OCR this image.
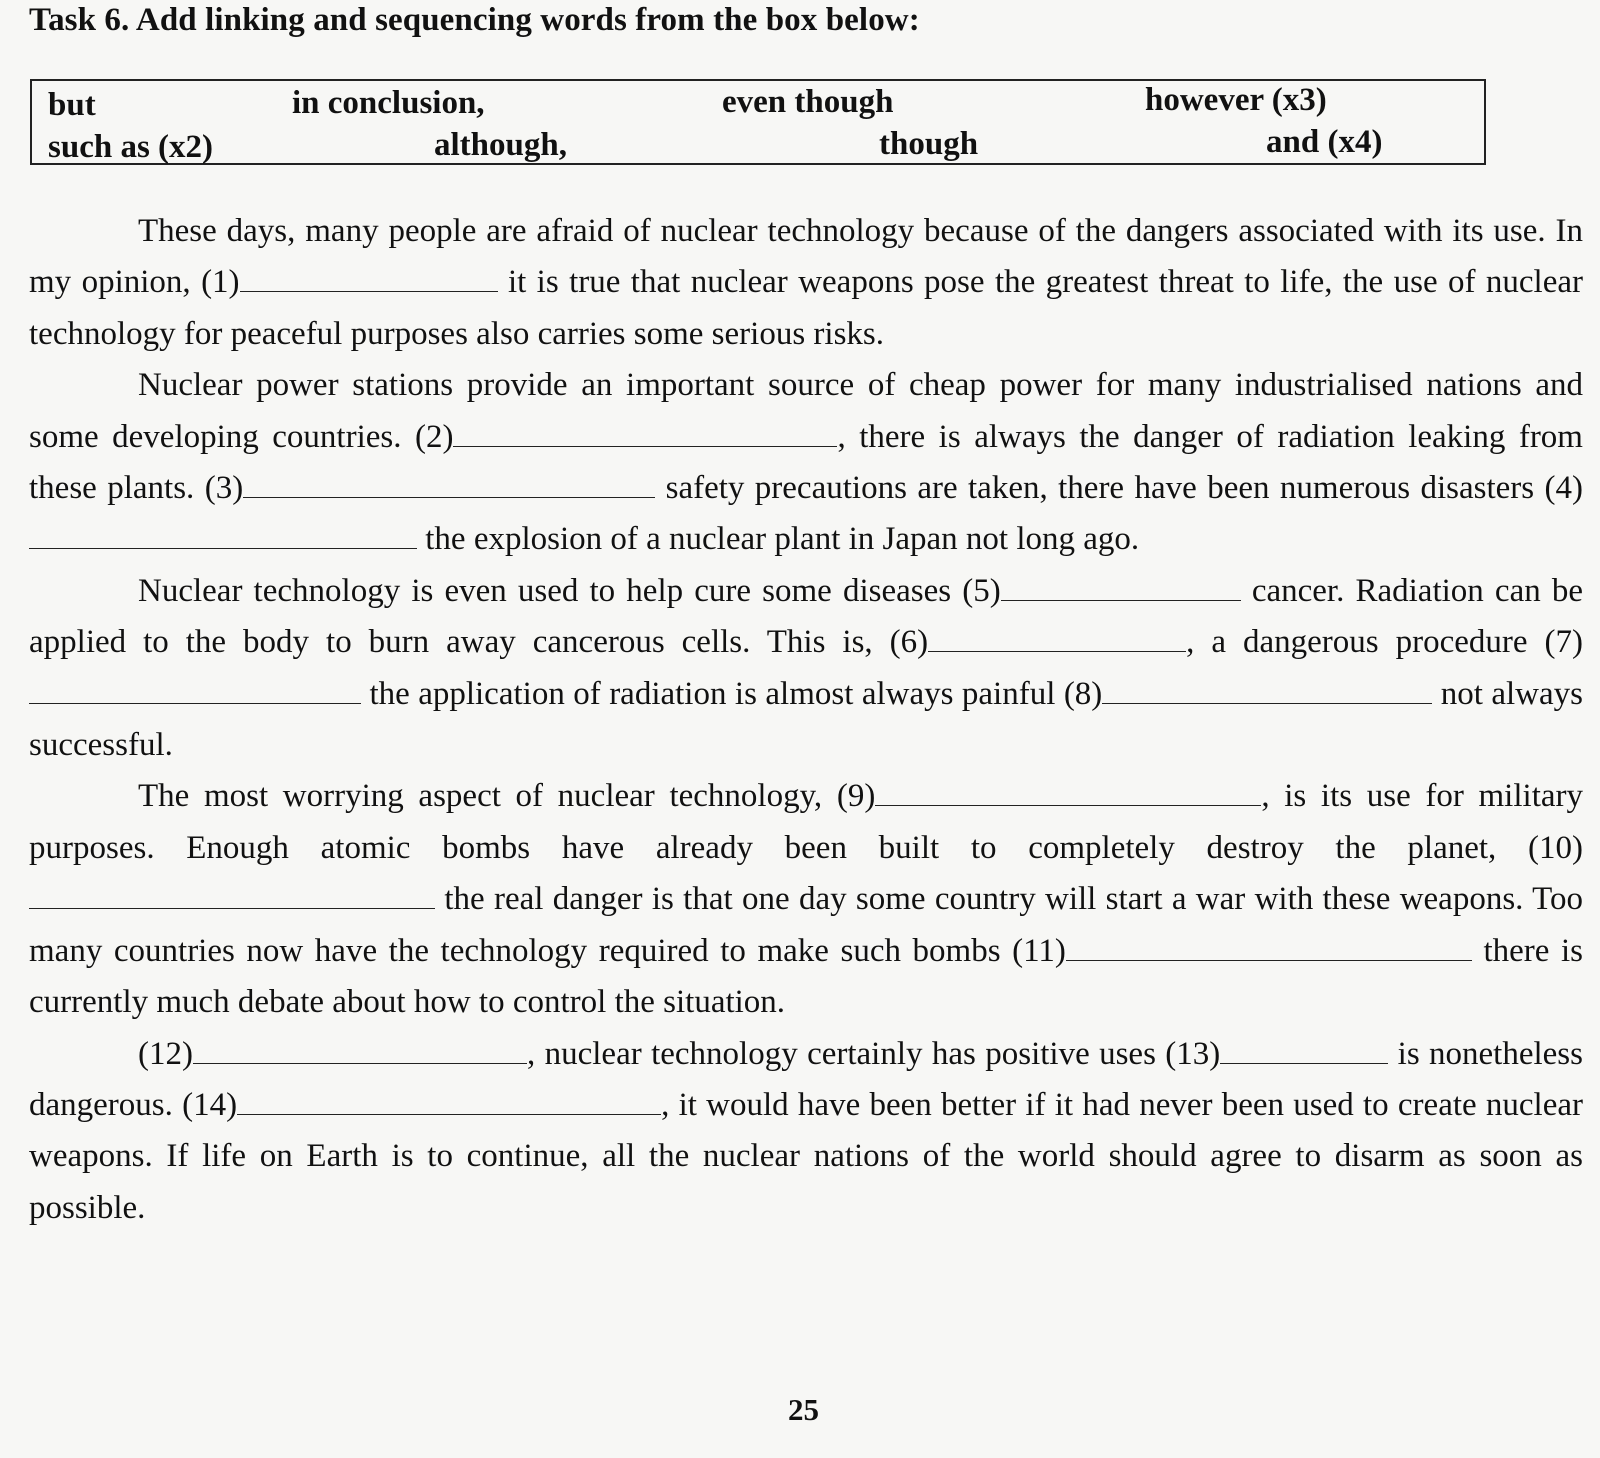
Task 6. Add linking and sequencing words from the box below:
but	in conclusion,	even though	however (x3)
such as (x2)	although,	though	and (x4)

These days, many people are afraid of nuclear technology because of the dangers associated with its use. In my opinion, (1)	it is true that nuclear weapons pose the greatest threat to life, the use of nuclear technology for peaceful purposes also carries some serious risks.

Nuclear power stations provide an important source of cheap power for many industrialised nations and some developing countries. (2)	, there is always the danger of radiation leaking from these plants. (3)	safety precautions are taken, there have been numerous disasters (4) the explosion of a nuclear plant in Japan not long ago.

Nuclear technology is even used to help cure some diseases (5)	cancer. Radiation can be applied to the body to burn away cancerous cells. This is, (6)	, a dangerous procedure (7) the application of radiation is almost always painful (8)	not always successful.

The most worrying aspect of nuclear technology, (9)	, is its use for military purposes. Enough atomic bombs have already been built to completely destroy the planet, (10) the real danger is that one day some country will start a war with these weapons. Too many countries now have the technology required to make such bombs (11)	there is currently much debate about how to control the situation.

(12)	, nuclear technology certainly has positive uses (13)	is nonetheless dangerous. (14)	, it would have been better if it had never been used to create nuclear weapons. If life on Earth is to continue, all the nuclear nations of the world should agree to disarm as soon as possible.

25
